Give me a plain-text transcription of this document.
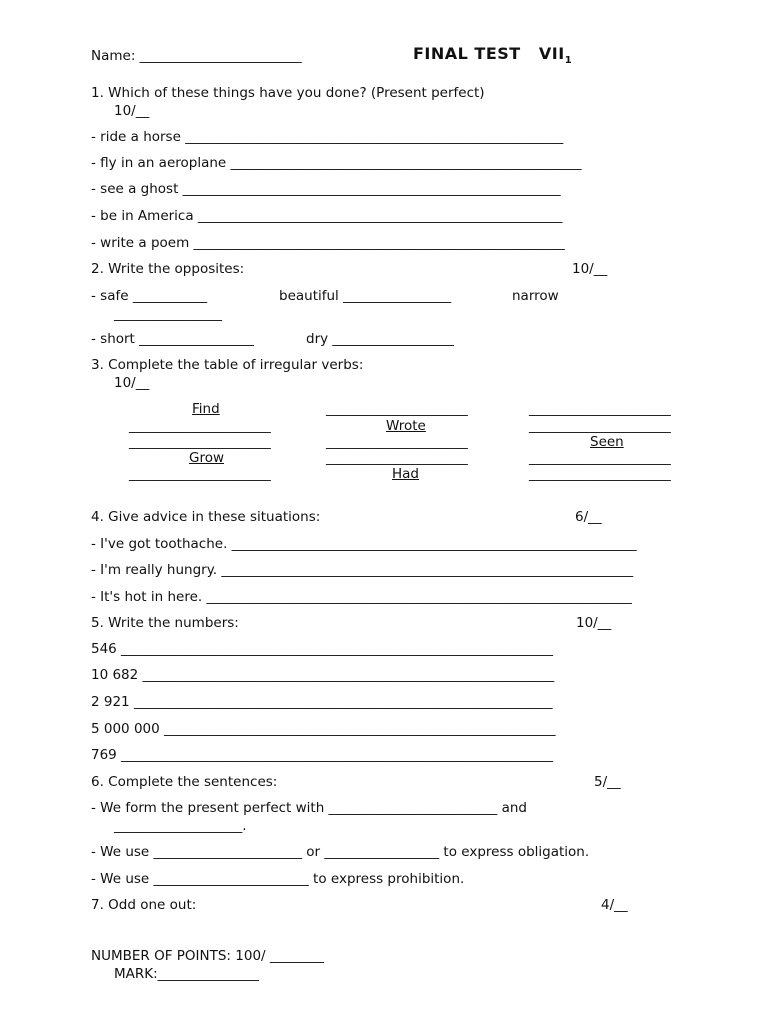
Name: ________________________	FINAL TEST   $VII_1$
1. Which of these things have you done? (Present perfect)
10/__
- ride a horse ________________________________________________________
- fly in an aeroplane ____________________________________________________
- see a ghost ________________________________________________________
- be in America ______________________________________________________
- write a poem _______________________________________________________
2. Write the opposites:	10/__
- safe ___________	beautiful ________________	narrow
________________
- short _________________	dry __________________
3. Complete the table of irregular verbs:
10/__
Find	_____________________	_____________________
_____________________	Wrote	_____________________
_____________________	_____________________	Seen
Grow	_____________________	_____________________
_____________________	Had	_____________________
4. Give advice in these situations:	6/__
- I've got toothache. ____________________________________________________________
- I'm really hungry. _____________________________________________________________
- It's hot in here. _______________________________________________________________
5. Write the numbers:	10/__
546 ________________________________________________________________
10 682 _____________________________________________________________
2 921 ______________________________________________________________
5 000 000 __________________________________________________________
769 ________________________________________________________________
6. Complete the sentences:	5/__
- We form the present perfect with _________________________ and
___________________.
- We use ______________________ or _________________ to express obligation.
- We use _______________________ to express prohibition.
7. Odd one out:	4/__
NUMBER OF POINTS: 100/ ________
MARK:_______________
